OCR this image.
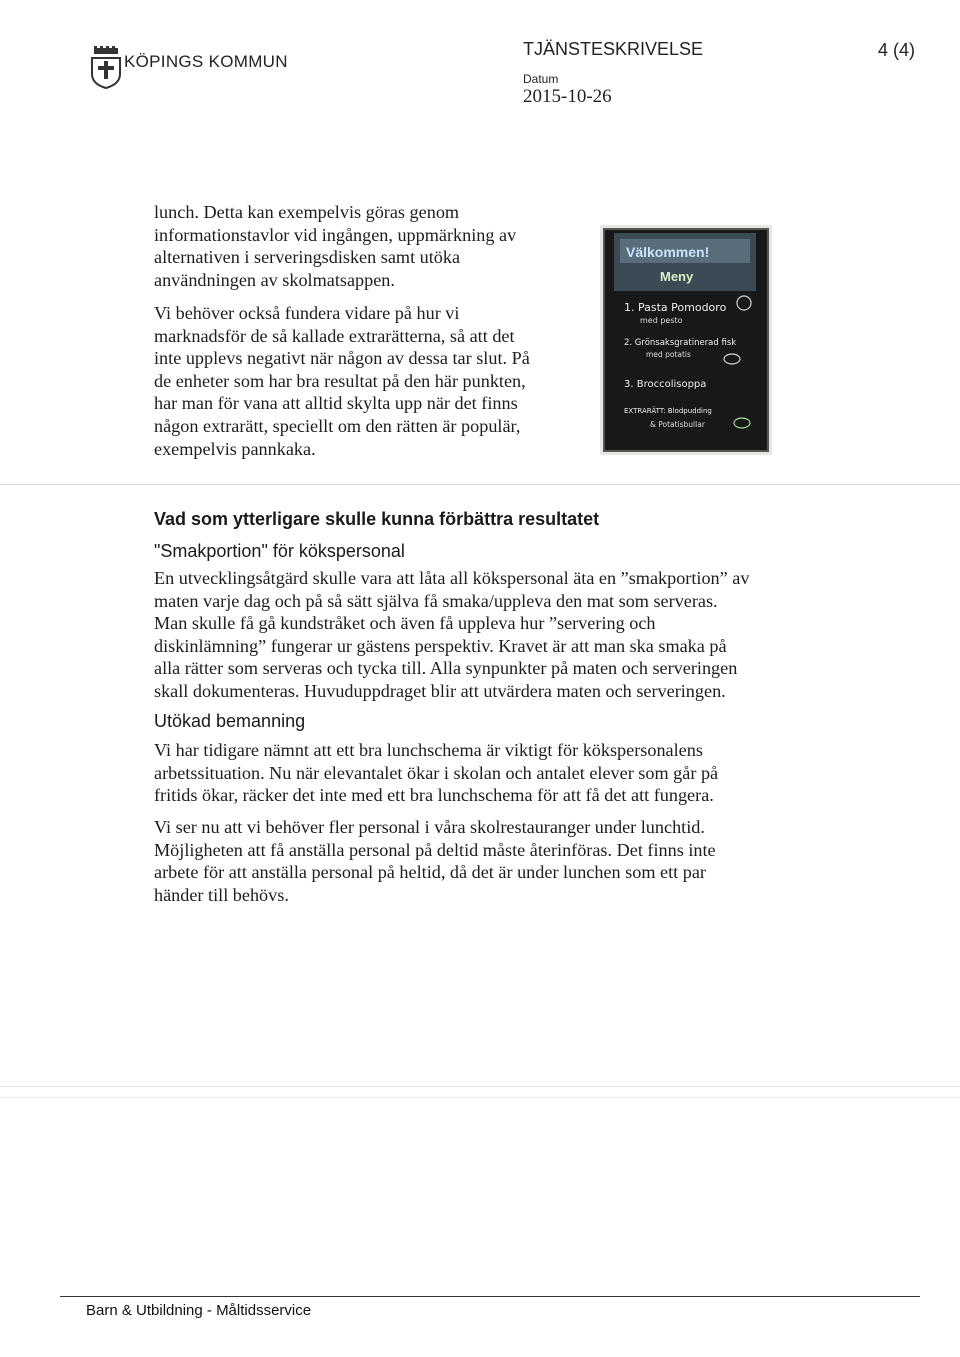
KÖPINGS KOMMUN
TJÄNSTESKRIVELSE	4 (4)
Datum
2015-10-26
lunch. Detta kan exempelvis göras genom
informationstavlor vid ingången, uppmärkning av
alternativen i serveringsdisken samt utöka
användningen av skolmatsappen.
Vi behöver också fundera vidare på hur vi
marknadsför de så kallade extrarätterna, så att det
inte upplevs negativt när någon av dessa tar slut. På
de enheter som har bra resultat på den här punkten,
har man för vana att alltid skylta upp när det finns
någon extrarätt, speciellt om den rätten är populär,
exempelvis pannkaka.
Välkommen!
Meny
1. Pasta Pomodoro
med pesto
2. Grönsaksgratinerad fisk
med potatis
3. Broccolisoppa
EXTRARÄTT: Blodpudding
& Potatisbullar
Vad som ytterligare skulle kunna förbättra resultatet
"Smakportion" för kökspersonal
En utvecklingsåtgärd skulle vara att låta all kökspersonal äta en ”smakportion” av
maten varje dag och på så sätt själva få smaka/uppleva den mat som serveras.
Man skulle få gå kundstråket och även få uppleva hur ”servering och
diskinlämning” fungerar ur gästens perspektiv. Kravet är att man ska smaka på
alla rätter som serveras och tycka till. Alla synpunkter på maten och serveringen
skall dokumenteras. Huvuduppdraget blir att utvärdera maten och serveringen.
Utökad bemanning
Vi har tidigare nämnt att ett bra lunchschema är viktigt för kökspersonalens
arbetssituation. Nu när elevantalet ökar i skolan och antalet elever som går på
fritids ökar, räcker det inte med ett bra lunchschema för att få det att fungera.
Vi ser nu att vi behöver fler personal i våra skolrestauranger under lunchtid.
Möjligheten att få anställa personal på deltid måste återinföras. Det finns inte
arbete för att anställa personal på heltid, då det är under lunchen som ett par
händer till behövs.
Barn & Utbildning - Måltidsservice
